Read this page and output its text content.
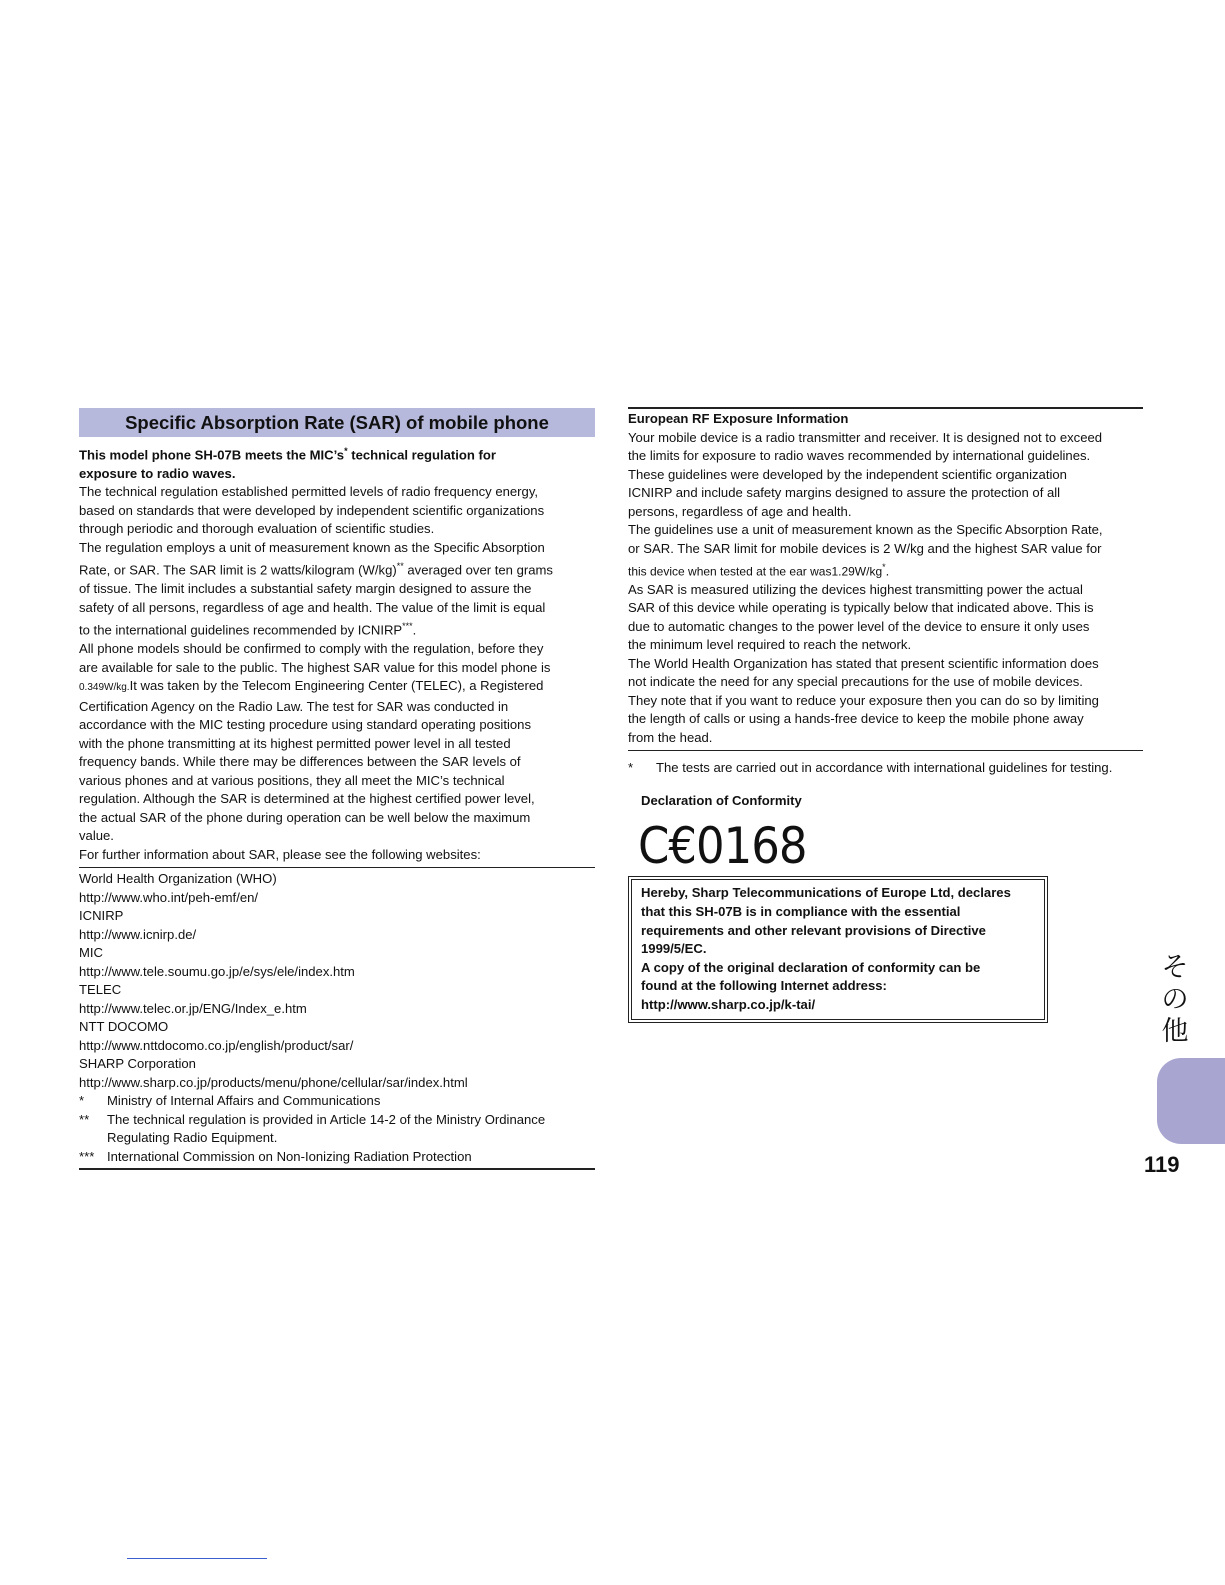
Specific Absorption Rate (SAR) of mobile phone
This model phone SH-07B meets the MIC’s* technical regulation for
exposure to radio waves.
The technical regulation established permitted levels of radio frequency energy,
based on standards that were developed by independent scientific organizations
through periodic and thorough evaluation of scientific studies.
The regulation employs a unit of measurement known as the Specific Absorption
Rate, or SAR. The SAR limit is 2 watts/kilogram (W/kg)** averaged over ten grams
of tissue. The limit includes a substantial safety margin designed to assure the
safety of all persons, regardless of age and health. The value of the limit is equal
to the international guidelines recommended by ICNIRP***.
All phone models should be confirmed to comply with the regulation, before they
are available for sale to the public. The highest SAR value for this model phone is
0.349W/kg.It was taken by the Telecom Engineering Center (TELEC), a Registered
Certification Agency on the Radio Law. The test for SAR was conducted in
accordance with the MIC testing procedure using standard operating positions
with the phone transmitting at its highest permitted power level in all tested
frequency bands. While there may be differences between the SAR levels of
various phones and at various positions, they all meet the MIC’s technical
regulation. Although the SAR is determined at the highest certified power level,
the actual SAR of the phone during operation can be well below the maximum
value.
For further information about SAR, please see the following websites:
World Health Organization (WHO)
http://www.who.int/peh-emf/en/
ICNIRP
http://www.icnirp.de/
MIC
http://www.tele.soumu.go.jp/e/sys/ele/index.htm
TELEC
http://www.telec.or.jp/ENG/Index_e.htm
NTT DOCOMO
http://www.nttdocomo.co.jp/english/product/sar/
SHARP Corporation
http://www.sharp.co.jp/products/menu/phone/cellular/sar/index.html
* Ministry of Internal Affairs and Communications
** The technical regulation is provided in Article 14-2 of the Ministry Ordinance Regulating Radio Equipment.
*** International Commission on Non-Ionizing Radiation Protection
European RF Exposure Information
Your mobile device is a radio transmitter and receiver. It is designed not to exceed
the limits for exposure to radio waves recommended by international guidelines.
These guidelines were developed by the independent scientific organization
ICNIRP and include safety margins designed to assure the protection of all
persons, regardless of age and health.
The guidelines use a unit of measurement known as the Specific Absorption Rate,
or SAR. The SAR limit for mobile devices is 2 W/kg and the highest SAR value for
this device when tested at the ear was1.29W/kg*.
As SAR is measured utilizing the devices highest transmitting power the actual
SAR of this device while operating is typically below that indicated above. This is
due to automatic changes to the power level of the device to ensure it only uses
the minimum level required to reach the network.
The World Health Organization has stated that present scientific information does
not indicate the need for any special precautions for the use of mobile devices.
They note that if you want to reduce your exposure then you can do so by limiting
the length of calls or using a hands-free device to keep the mobile phone away
from the head.
* The tests are carried out in accordance with international guidelines for testing.
Declaration of Conformity
C€0168
Hereby, Sharp Telecommunications of Europe Ltd, declares
that this SH-07B is in compliance with the essential
requirements and other relevant provisions of Directive
1999/5/EC.
A copy of the original declaration of conformity can be
found at the following Internet address:
http://www.sharp.co.jp/k-tai/
そ
の
他
119
